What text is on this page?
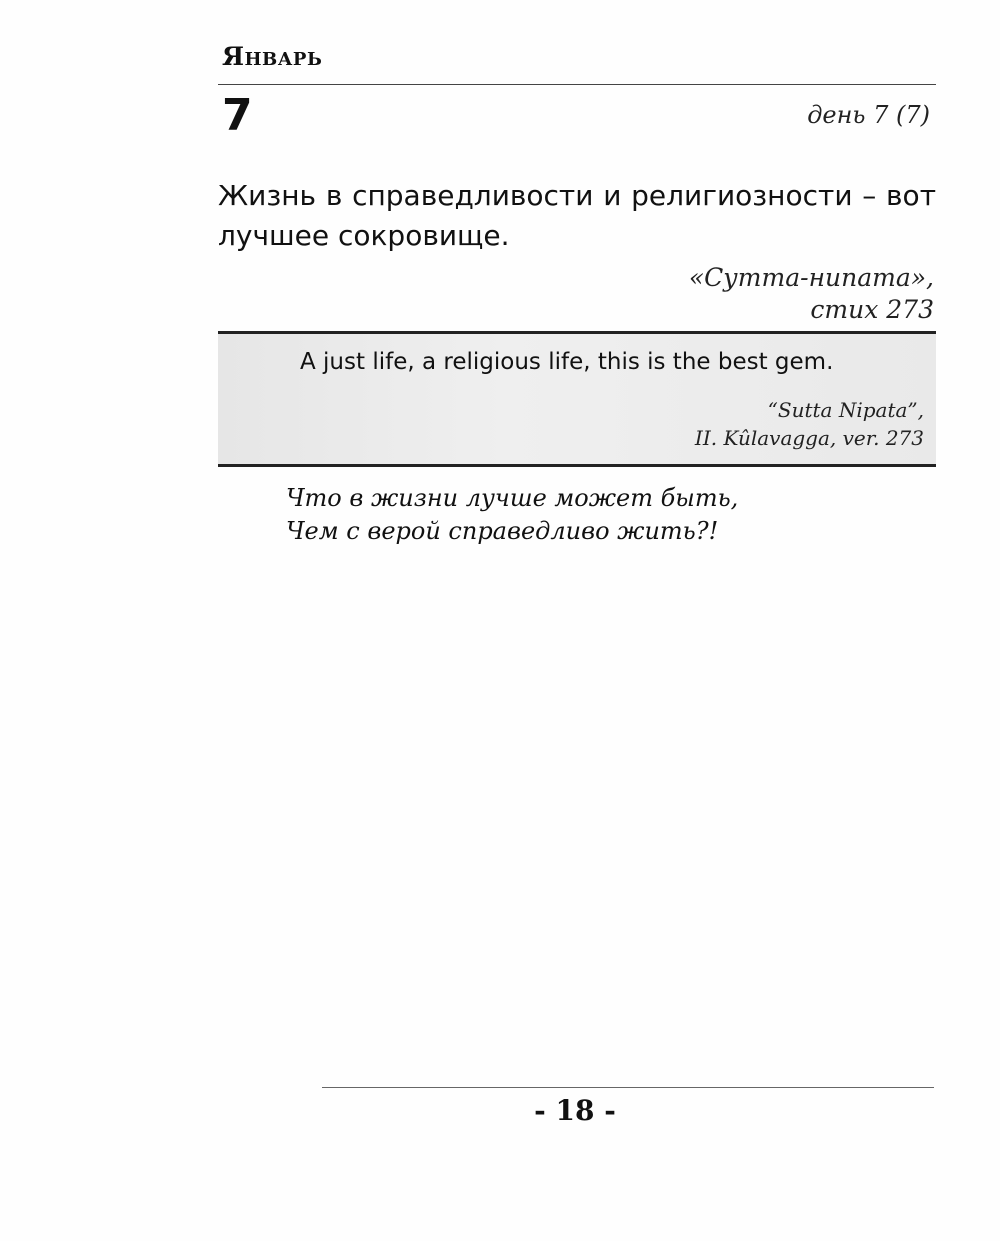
Январь
7	день 7 (7)
Жизнь в справедливости и религиозности – вот лучшее сокровище.
«Сутта-нипата»,
стих 273
A just life, a religious life, this is the best gem.
“Sutta Nipata”,
II. Kûlavagga, ver. 273
Что в жизни лучше может быть,
Чем с верой справедливо жить?!
- 18 -
